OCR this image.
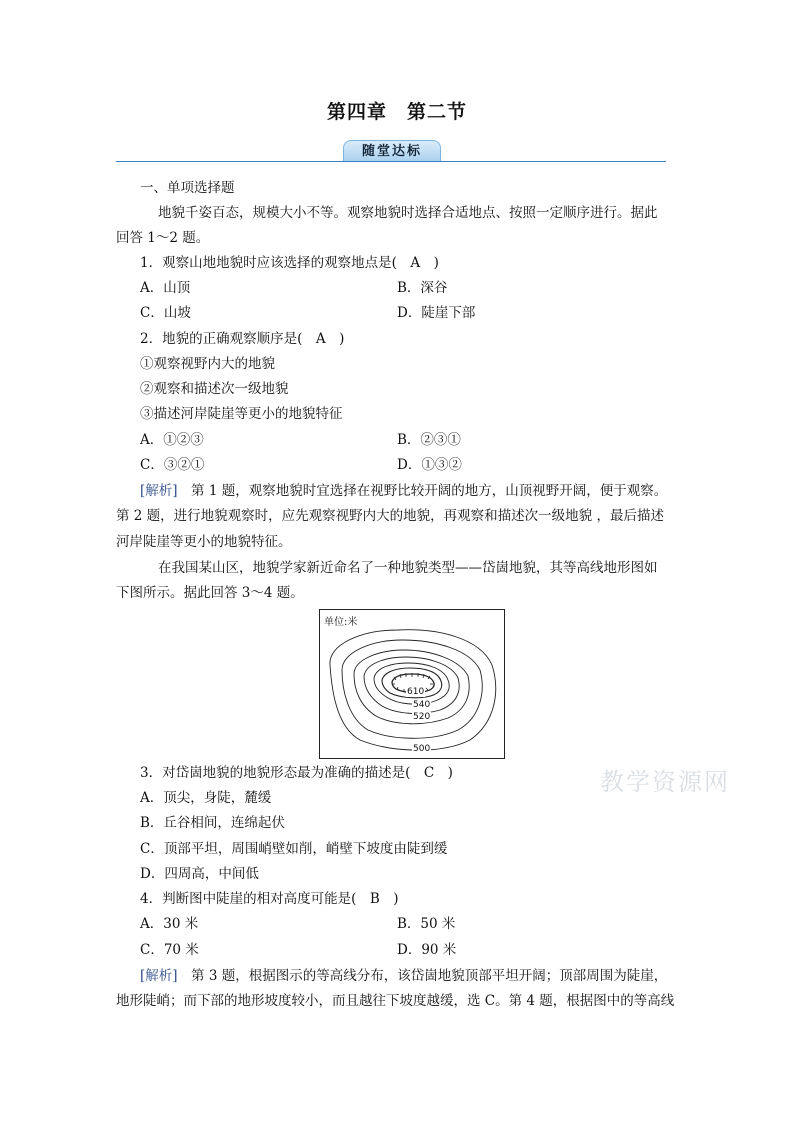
第四章　第二节
随堂达标
一、单项选择题
地貌千姿百态，规模大小不等。观察地貌时选择合适地点、按照一定顺序进行。据此
回答 1～2 题。
1．观察山地地貌时应该选择的观察地点是(　A　)
A．山顶	B．深谷
C．山坡	D．陡崖下部
2．地貌的正确观察顺序是(　A　)
①观察视野内大的地貌
②观察和描述次一级地貌
③描述河岸陡崖等更小的地貌特征
A．①②③	B．②③①
C．③②①	D．①③②
[解析]　第 1 题，观察地貌时宜选择在视野比较开阔的地方，山顶视野开阔，便于观察。
第 2 题，进行地貌观察时，应先观察视野内大的地貌，再观察和描述次一级地貌 ，最后描述
河岸陡崖等更小的地貌特征。
在我国某山区，地貌学家新近命名了一种地貌类型——岱崮地貌，其等高线地形图如
下图所示。据此回答 3～4 题。
单位:米
610
540
520
500
教学资源网
3．对岱崮地貌的地貌形态最为准确的描述是(　C　)
A．顶尖，身陡，麓缓
B．丘谷相间，连绵起伏
C．顶部平坦，周围峭壁如削，峭壁下坡度由陡到缓
D．四周高，中间低
4．判断图中陡崖的相对高度可能是(　B　)
A．30 米	B．50 米
C．70 米	D．90 米
[解析]　第 3 题，根据图示的等高线分布，该岱崮地貌顶部平坦开阔；顶部周围为陡崖，
地形陡峭；而下部的地形坡度较小，而且越往下坡度越缓，选 C。第 4 题，根据图中的等高线
